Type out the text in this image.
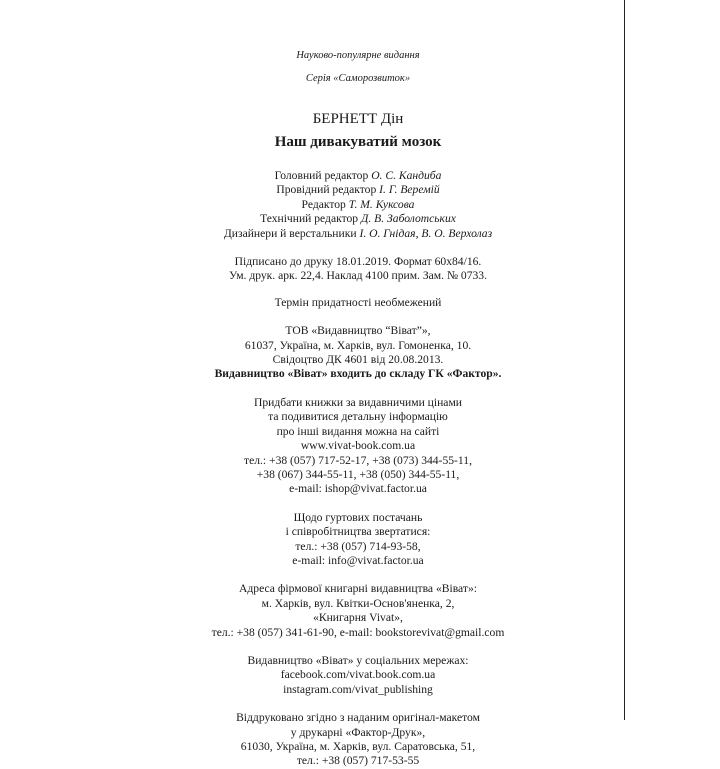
Науково-популярне видання
Серія «Саморозвиток»
БЕРНЕТТ Дін
Наш дивакуватий мозок
Головний редактор О. С. Кандиба
Провідний редактор І. Г. Веремій
Редактор Т. М. Куксова
Технічний редактор Д. В. Заболотських
Дизайнери й верстальники І. О. Гнідая, В. О. Верхолаз
Підписано до друку 18.01.2019. Формат 60х84/16.
Ум. друк. арк. 22,4. Наклад 4100 прим. Зам. № 0733.
Термін придатності необмежений
ТОВ «Видавництво “Віват”»,
61037, Україна, м. Харків, вул. Гомоненка, 10.
Свідоцтво ДК 4601 від 20.08.2013.
Видавництво «Віват» входить до складу ГК «Фактор».
Придбати книжки за видавничими цінами
та подивитися детальну інформацію
про інші видання можна на сайті
www.vivat-book.com.ua
тел.: +38 (057) 717-52-17, +38 (073) 344-55-11,
+38 (067) 344-55-11, +38 (050) 344-55-11,
e-mail: ishop@vivat.factor.ua
Щодо гуртових постачань
і співробітництва звертатися:
тел.: +38 (057) 714-93-58,
e-mail: info@vivat.factor.ua
Адреса фірмової книгарні видавництва «Віват»:
м. Харків, вул. Квітки-Основ'яненка, 2,
«Книгарня Vivat»,
тел.: +38 (057) 341-61-90, e-mail: bookstorevivat@gmail.com
Видавництво «Віват» у соціальних мережах:
facebook.com/vivat.book.com.ua
instagram.com/vivat_publishing
Віддруковано згідно з наданим оригінал-макетом
у друкарні «Фактор-Друк»,
61030, Україна, м. Харків, вул. Саратовська, 51,
тел.: +38 (057) 717-53-55
